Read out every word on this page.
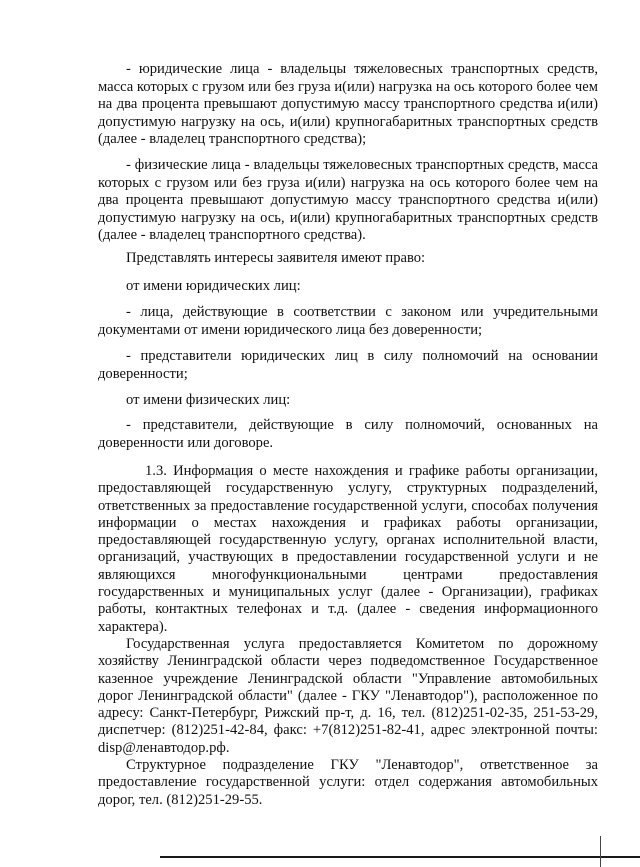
- юридические лица - владельцы тяжеловесных транспортных средств, масса которых с грузом или без груза и(или) нагрузка на ось которого более чем на два процента превышают допустимую массу транспортного средства и(или) допустимую нагрузку на ось, и(или) крупногабаритных транспортных средств (далее - владелец транспортного средства);

- физические лица - владельцы тяжеловесных транспортных средств, масса которых с грузом или без груза и(или) нагрузка на ось которого более чем на два процента превышают допустимую массу транспортного средства и(или) допустимую нагрузку на ось, и(или) крупногабаритных транспортных средств (далее - владелец транспортного средства).

Представлять интересы заявителя имеют право:

от имени юридических лиц:

- лица, действующие в соответствии с законом или учредительными документами от имени юридического лица без доверенности;

- представители юридических лиц в силу полномочий на основании доверенности;

от имени физических лиц:

- представители, действующие в силу полномочий, основанных на доверенности или договоре.

1.3. Информация о месте нахождения и графике работы организации, предоставляющей государственную услугу, структурных подразделений, ответственных за предоставление государственной услуги, способах получения информации о местах нахождения и графиках работы организации, предоставляющей государственную услугу, органах исполнительной власти, организаций, участвующих в предоставлении государственной услуги и не являющихся многофункциональными центрами предоставления государственных и муниципальных услуг (далее - Организации), графиках работы, контактных телефонах и т.д. (далее - сведения информационного характера).

Государственная услуга предоставляется Комитетом по дорожному хозяйству Ленинградской области через подведомственное Государственное казенное учреждение Ленинградской области "Управление автомобильных дорог Ленинградской области" (далее - ГКУ "Ленавтодор"), расположенное по адресу: Санкт-Петербург, Рижский пр-т, д. 16, тел. (812)251-02-35, 251-53-29, диспетчер: (812)251-42-84, факс: +7(812)251-82-41, адрес электронной почты: disp@ленавтодор.рф.

Структурное подразделение ГКУ "Ленавтодор", ответственное за предоставление государственной услуги: отдел содержания автомобильных дорог, тел. (812)251-29-55.
